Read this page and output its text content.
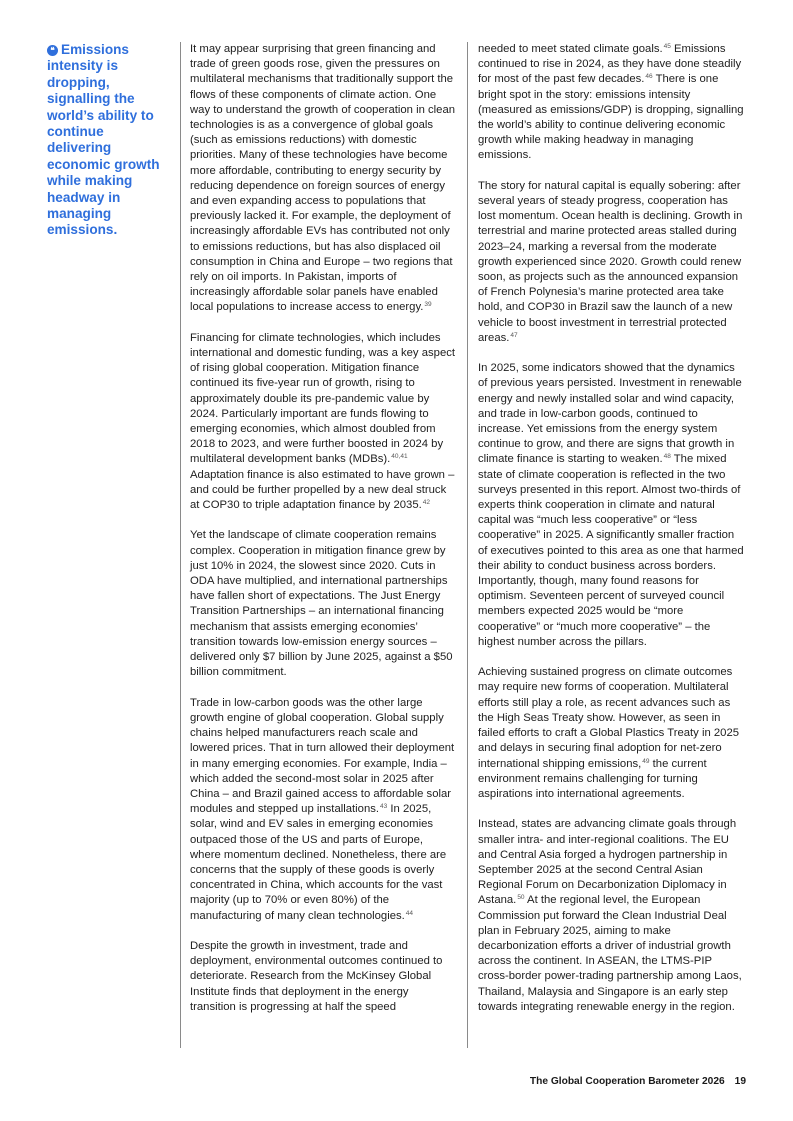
❝ Emissions intensity is dropping, signalling the world’s ability to continue delivering economic growth while making headway in managing emissions.

It may appear surprising that green financing and trade of green goods rose, given the pressures on multilateral mechanisms that traditionally support the flows of these components of climate action. One way to understand the growth of cooperation in clean technologies is as a convergence of global goals (such as emissions reductions) with domestic priorities. Many of these technologies have become more affordable, contributing to energy security by reducing dependence on foreign sources of energy and even expanding access to populations that previously lacked it. For example, the deployment of increasingly affordable EVs has contributed not only to emissions reductions, but has also displaced oil consumption in China and Europe – two regions that rely on oil imports. In Pakistan, imports of increasingly affordable solar panels have enabled local populations to increase access to energy.$^{39}$

Financing for climate technologies, which includes international and domestic funding, was a key aspect of rising global cooperation. Mitigation finance continued its five-year run of growth, rising to approximately double its pre-pandemic value by 2024. Particularly important are funds flowing to emerging economies, which almost doubled from 2018 to 2023, and were further boosted in 2024 by multilateral development banks (MDBs).$^{40,41}$ Adaptation finance is also estimated to have grown – and could be further propelled by a new deal struck at COP30 to triple adaptation finance by 2035.42

Yet the landscape of climate cooperation remains complex. Cooperation in mitigation finance grew by just 10% in 2024, the slowest since 2020. Cuts in ODA have multiplied, and international partnerships have fallen short of expectations. The Just Energy Transition Partnerships – an international financing mechanism that assists emerging economies’ transition towards low-emission energy sources – delivered only $7 billion by June 2025, against a $50 billion commitment.

Trade in low-carbon goods was the other large growth engine of global cooperation. Global supply chains helped manufacturers reach scale and lowered prices. That in turn allowed their deployment in many emerging economies. For example, India – which added the second-most solar in 2025 after China – and Brazil gained access to affordable solar modules and stepped up installations.$^{43}$ In 2025, solar, wind and EV sales in emerging economies outpaced those of the US and parts of Europe, where momentum declined. Nonetheless, there are concerns that the supply of these goods is overly concentrated in China, which accounts for the vast majority (up to 70% or even 80%) of the manufacturing of many clean technologies.$^{44}$

Despite the growth in investment, trade and deployment, environmental outcomes continued to deteriorate. Research from the McKinsey Global Institute finds that deployment in the energy transition is progressing at half the speed

needed to meet stated climate goals.$^{45}$ Emissions continued to rise in 2024, as they have done steadily for most of the past few decades.$^{46}$ There is one bright spot in the story: emissions intensity (measured as emissions/GDP) is dropping, signalling the world’s ability to continue delivering economic growth while making headway in managing emissions.

The story for natural capital is equally sobering: after several years of steady progress, cooperation has lost momentum. Ocean health is declining. Growth in terrestrial and marine protected areas stalled during 2023–24, marking a reversal from the moderate growth experienced since 2020. Growth could renew soon, as projects such as the announced expansion of French Polynesia’s marine protected area take hold, and COP30 in Brazil saw the launch of a new vehicle to boost investment in terrestrial protected areas.$^{47}$

In 2025, some indicators showed that the dynamics of previous years persisted. Investment in renewable energy and newly installed solar and wind capacity, and trade in low-carbon goods, continued to increase. Yet emissions from the energy system continue to grow, and there are signs that growth in climate finance is starting to weaken.$^{48}$ The mixed state of climate cooperation is reflected in the two surveys presented in this report. Almost two-thirds of experts think cooperation in climate and natural capital was “much less cooperative” or “less cooperative” in 2025. A significantly smaller fraction of executives pointed to this area as one that harmed their ability to conduct business across borders. Importantly, though, many found reasons for optimism. Seventeen percent of surveyed council members expected 2025 would be “more cooperative” or “much more cooperative” – the highest number across the pillars.

Achieving sustained progress on climate outcomes may require new forms of cooperation. Multilateral efforts still play a role, as recent advances such as the High Seas Treaty show. However, as seen in failed efforts to craft a Global Plastics Treaty in 2025 and delays in securing final adoption for net-zero international shipping emissions,$^{49}$ the current environment remains challenging for turning aspirations into international agreements.

Instead, states are advancing climate goals through smaller intra- and inter-regional coalitions. The EU and Central Asia forged a hydrogen partnership in September 2025 at the second Central Asian Regional Forum on Decarbonization Diplomacy in Astana.$^{50}$ At the regional level, the European Commission put forward the Clean Industrial Deal plan in February 2025, aiming to make decarbonization efforts a driver of industrial growth across the continent. In ASEAN, the LTMS-PIP cross-border power-trading partnership among Laos, Thailand, Malaysia and Singapore is an early step towards integrating renewable energy in the region.

The Global Cooperation Barometer 2026 19
